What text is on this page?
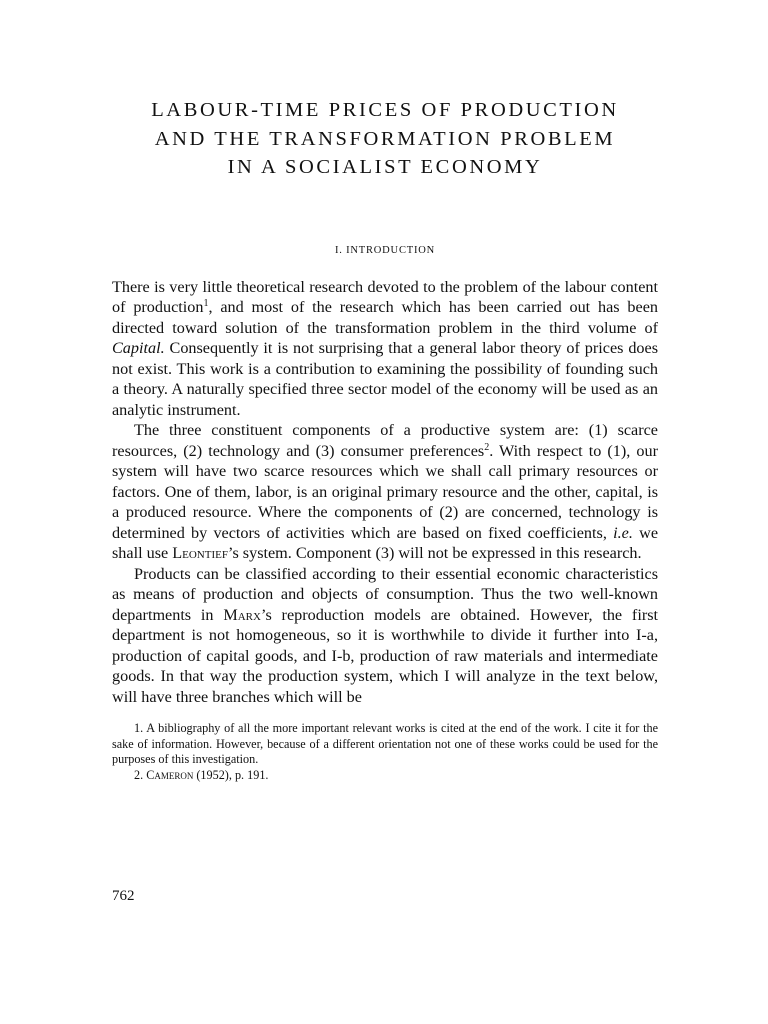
LABOUR-TIME PRICES OF PRODUCTION
AND THE TRANSFORMATION PROBLEM
IN A SOCIALIST ECONOMY
I. INTRODUCTION

There is very little theoretical research devoted to the problem of the labour content of production$^1$, and most of the research which has been carried out has been directed toward solution of the transformation problem in the third volume of Capital. Consequently it is not surprising that a general labor theory of prices does not exist. This work is a contribution to examining the possibility of founding such a theory. A naturally specified three sector model of the economy will be used as an analytic instrument.

The three constituent components of a productive system are: (1) scarce resources, (2) technology and (3) consumer preferences$^2$. With respect to (1), our system will have two scarce resources which we shall call primary resources or factors. One of them, labor, is an original primary resource and the other, capital, is a produced resource. Where the components of (2) are concerned, technology is determined by vectors of activities which are based on fixed coefficients, i.e. we shall use Leontief’s system. Component (3) will not be expressed in this research.

Products can be classified according to their essential economic characteristics as means of production and objects of consumption. Thus the two well-known departments in Marx’s reproduction models are obtained. However, the first department is not homogeneous, so it is worthwhile to divide it further into I-a, production of capital goods, and I-b, production of raw materials and intermediate goods. In that way the production system, which I will analyze in the text below, will have three branches which will be

1. A bibliography of all the more important relevant works is cited at the end of the work. I cite it for the sake of information. However, because of a different orientation not one of these works could be used for the purposes of this investigation.

2. Cameron (1952), p. 191.

762
